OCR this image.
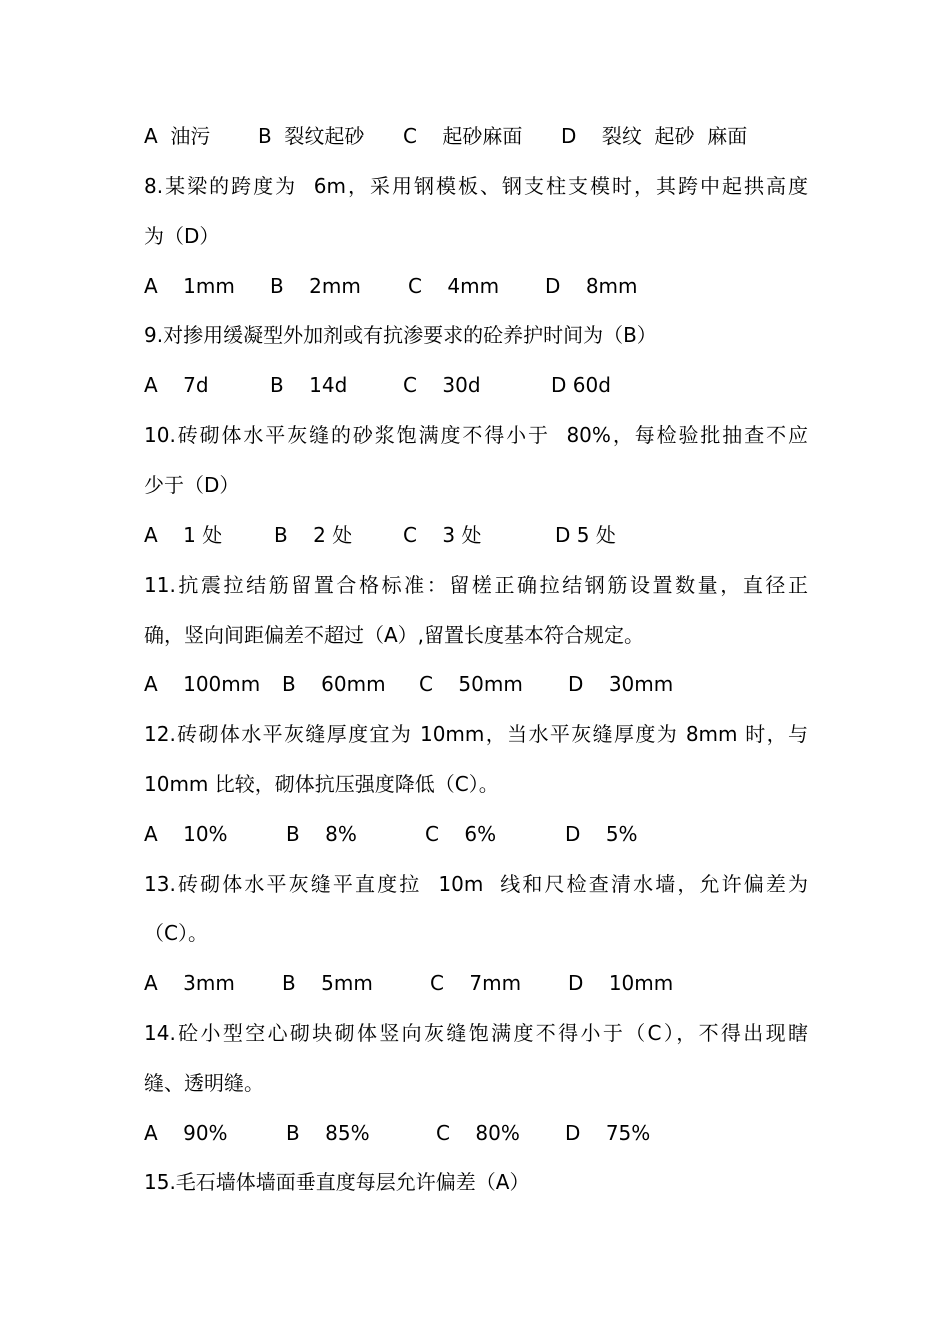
A  油污 B  裂纹起砂 C    起砂麻面 D    裂纹  起砂  麻面
8.某梁的跨度为  6m，采用钢模板、钢支柱支模时，其跨中起拱高度
为（D）
A    1mm B    2mm C    4mm D    8mm
9.对掺用缓凝型外加剂或有抗渗要求的砼养护时间为（B）
A    7d	B    14d	C    30d	D 60d
10.砖砌体水平灰缝的砂浆饱满度不得小于  80%，每检验批抽查不应
少于（D）
A    1 处	B    2 处	C    3 处	D 5 处
11.抗震拉结筋留置合格标准：留槎正确拉结钢筋设置数量，直径正
确，竖向间距偏差不超过（A）,留置长度基本符合规定。
A    100mm B    60mm C    50mm D    30mm
12.砖砌体水平灰缝厚度宜为 10mm，当水平灰缝厚度为 8mm 时，与
10mm 比较，砌体抗压强度降低（C）。
A    10%	B    8%	C    6%	D    5%
13.砖砌体水平灰缝平直度拉  10m  线和尺检查清水墙，允许偏差为
（C）。
A    3mm B    5mm	C    7mm D    10mm
14.砼小型空心砌块砌体竖向灰缝饱满度不得小于（C），不得出现瞎
缝、透明缝。
A    90%	B    85%	C    80% D    75%
15.毛石墙体墙面垂直度每层允许偏差（A）
